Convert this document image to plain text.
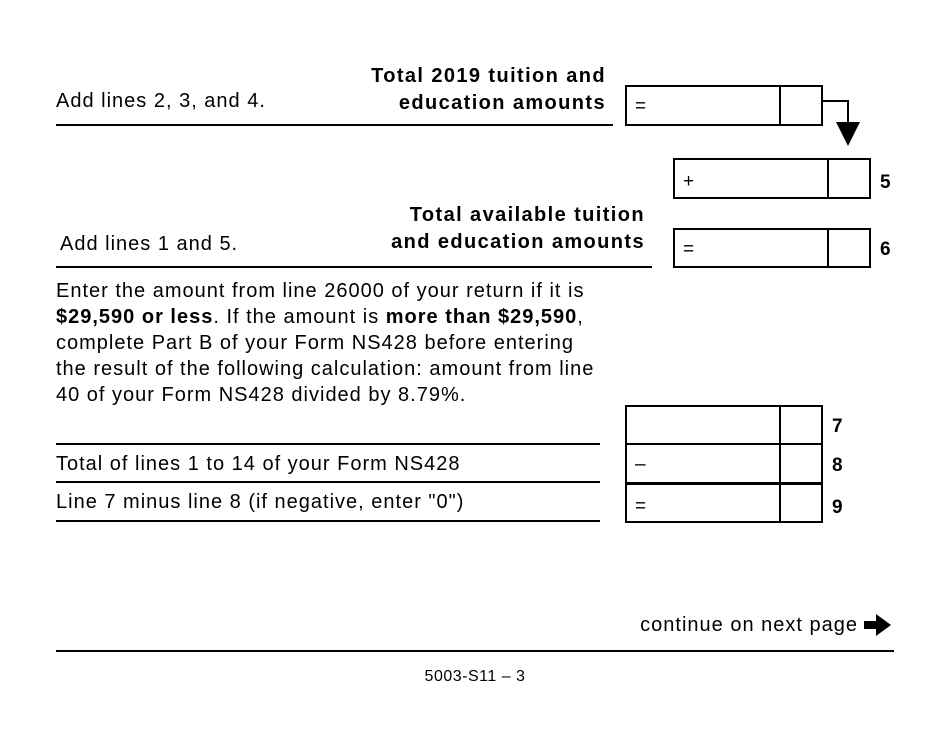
Add lines 2, 3, and 4.
Total 2019 tuition and
education amounts =
+	5
Add lines 1 and 5.
Total available tuition
and education amounts =	6
Enter the amount from line 26000 of your return if it is $29,590 or less. If the amount is more than $29,590, complete Part B of your Form NS428 before entering the result of the following calculation: amount from line 40 of your Form NS428 divided by 8.79%.
7
Total of lines 1 to 14 of your Form NS428	–	8
Line 7 minus line 8 (if negative, enter "0")	=	9
continue on next page
5003-S11 – 3
